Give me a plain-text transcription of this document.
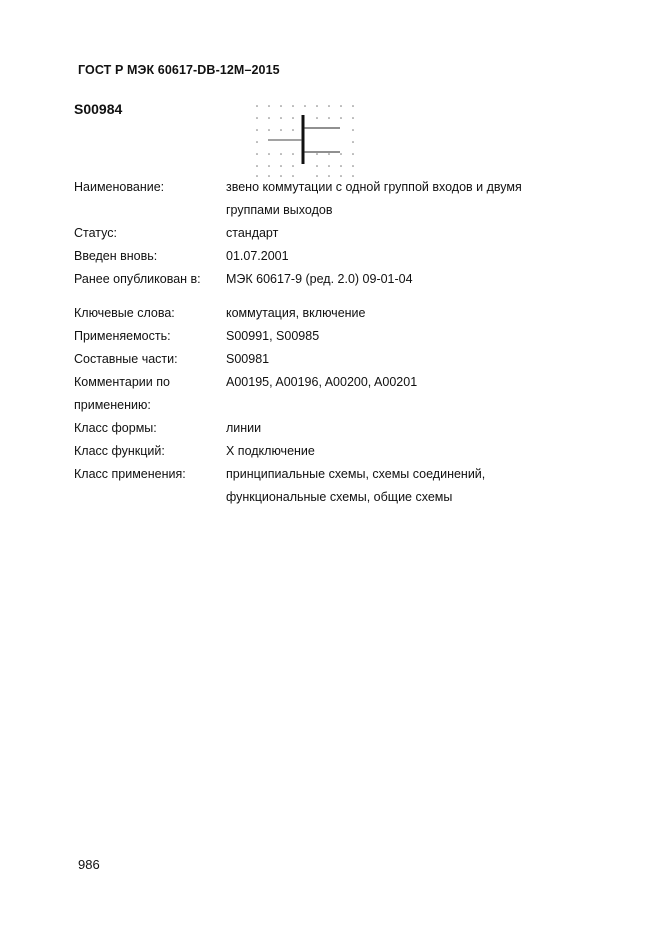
ГОСТ Р МЭК 60617-DB-12M–2015
S00984
Наименование:	звено коммутации с одной группой входов и двумя
группами выходов
Статус:	стандарт
Введен вновь:	01.07.2001
Ранее опубликован в: МЭК 60617-9 (ред. 2.0) 09-01-04
Ключевые слова:	коммутация, включение
Применяемость:	S00991, S00985
Составные части:	S00981
Комментарии по
применению:
A00195, A00196, A00200, A00201
Класс формы:	линии
Класс функций:	Х подключение
Класс применения:	принципиальные схемы, схемы соединений,
функциональные схемы, общие схемы
986
